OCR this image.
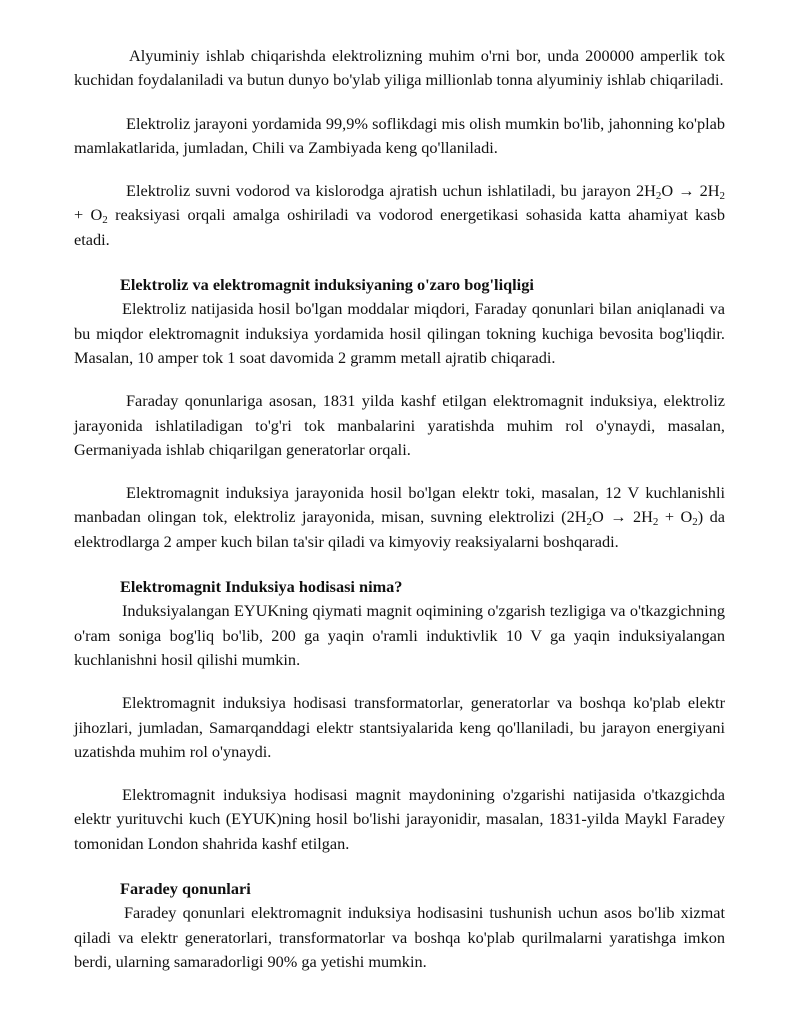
Alyuminiy ishlab chiqarishda elektrolizning muhim o'rni bor, unda 200000 amperlik tok kuchidan foydalaniladi va butun dunyo bo'ylab yiliga millionlab tonna alyuminiy ishlab chiqariladi.

Elektroliz jarayoni yordamida 99,9% soflikdagi mis olish mumkin bo'lib, jahonning ko'plab mamlakatlarida, jumladan, Chili va Zambiyada keng qo'llaniladi.

Elektroliz suvni vodorod va kislorodga ajratish uchun ishlatiladi, bu jarayon $2H_2O \to 2H_2 + O_2$ reaksiyasi orqali amalga oshiriladi va vodorod energetikasi sohasida katta ahamiyat kasb etadi.

Elektroliz va elektromagnit induksiyaning o'zaro bog'liqligi

Elektroliz natijasida hosil bo'lgan moddalar miqdori, Faraday qonunlari bilan aniqlanadi va bu miqdor elektromagnit induksiya yordamida hosil qilingan tokning kuchiga bevosita bog'liqdir. Masalan, 10 amper tok 1 soat davomida 2 gramm metall ajratib chiqaradi.

Faraday qonunlariga asosan, 1831 yilda kashf etilgan elektromagnit induksiya, elektroliz jarayonida ishlatiladigan to'g'ri tok manbalarini yaratishda muhim rol o'ynaydi, masalan, Germaniyada ishlab chiqarilgan generatorlar orqali.

Elektromagnit induksiya jarayonida hosil bo'lgan elektr toki, masalan, 12 V kuchlanishli manbadan olingan tok, elektroliz jarayonida, misan, suvning elektrolizi $(2H_2O \to 2H_2 + O_2)$ da elektrodlarga 2 amper kuch bilan ta'sir qiladi va kimyoviy reaksiyalarni boshqaradi.

Elektromagnit Induksiya hodisasi nima?

Induksiyalangan EYUKning qiymati magnit oqimining o'zgarish tezligiga va o'tkazgichning o'ram soniga bog'liq bo'lib, 200 ga yaqin o'ramli induktivlik 10 V ga yaqin induksiyalangan kuchlanishni hosil qilishi mumkin.

Elektromagnit induksiya hodisasi transformatorlar, generatorlar va boshqa ko'plab elektr jihozlari, jumladan, Samarqanddagi elektr stantsiyalarida keng qo'llaniladi, bu jarayon energiyani uzatishda muhim rol o'ynaydi.

Elektromagnit induksiya hodisasi magnit maydonining o'zgarishi natijasida o'tkazgichda elektr yurituvchi kuch (EYUK)ning hosil bo'lishi jarayonidir, masalan, 1831-yilda Maykl Faradey tomonidan London shahrida kashf etilgan.

Faradey qonunlari

Faradey qonunlari elektromagnit induksiya hodisasini tushunish uchun asos bo'lib xizmat qiladi va elektr generatorlari, transformatorlar va boshqa ko'plab qurilmalarni yaratishga imkon berdi, ularning samaradorligi 90% ga yetishi mumkin.
